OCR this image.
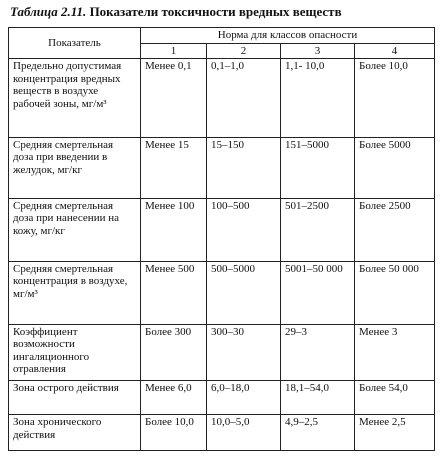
Таблица 2.11. Показатели токсичности вредных веществ
Показатель	Норма для классов опасности			
	1	2	3	4
Предельно допустимая концентрация вредных веществ в воздухе рабочей зоны, мг/м³	Менее 0,1	0,1–1,0	1,1- 10,0	Более 10,0
Средняя смертельная доза при введении в желудок, мг/кг	Менее 15	15–150	151–5000	Более 5000
Средняя смертельная доза при нанесении на кожу, мг/кг	Менее 100	100–500	501–2500	Более 2500
Средняя смертельная концентрация в воздухе, мг/м³	Менее 500	500–5000	5001–50 000	Более 50 000
Коэффициент возможности ингаляционного отравления	Более 300	300–30	29–3	Менее 3
Зона острого действия	Менее 6,0	6,0–18,0	18,1–54,0	Более 54,0
Зона хронического действия	Более 10,0	10,0–5,0	4,9–2,5	Менее 2,5
